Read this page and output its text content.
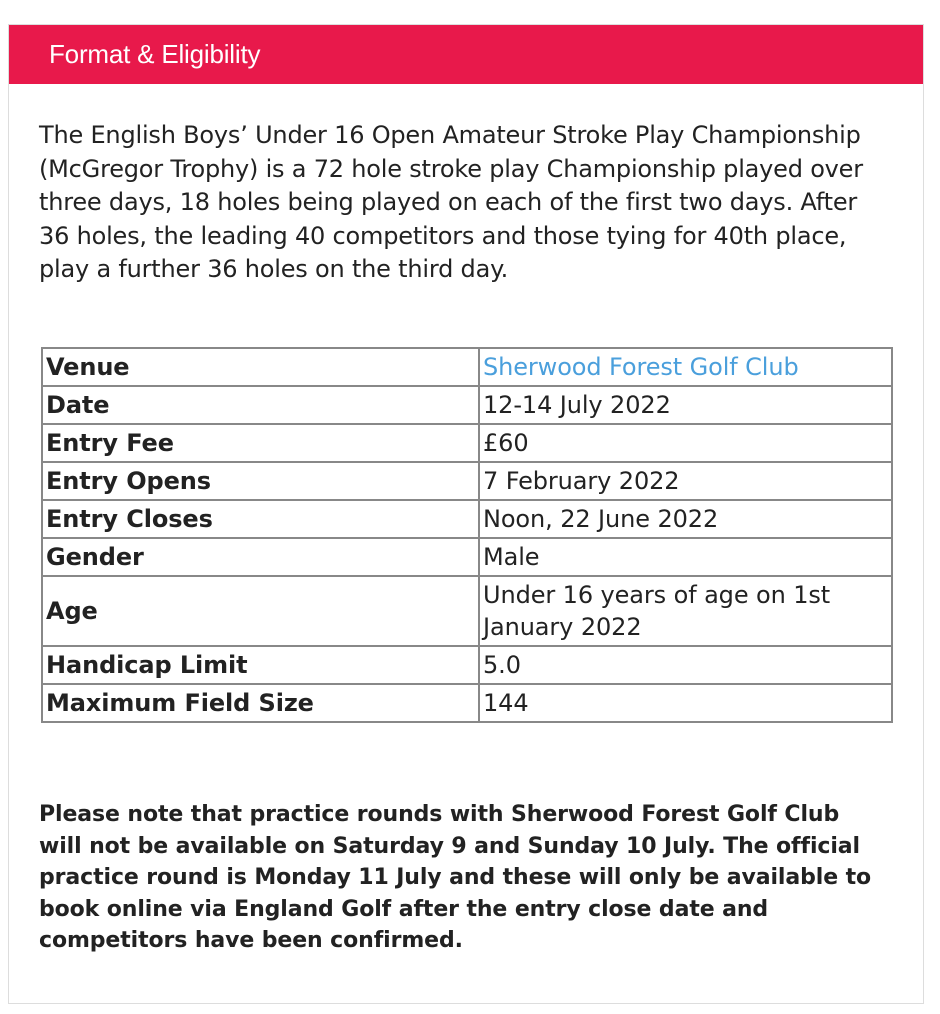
Format & Eligibility

The English Boys’ Under 16 Open Amateur Stroke Play Championship (McGregor Trophy) is a 72 hole stroke play Championship played over three days, 18 holes being played on each of the first two days. After 36 holes, the leading 40 competitors and those tying for 40th place, play a further 36 holes on the third day.

Venue	Sherwood Forest Golf Club
Date	12-14 July 2022
Entry Fee	£60
Entry Opens	7 February 2022
Entry Closes	Noon, 22 June 2022
Gender	Male
Age	Under 16 years of age on 1st January 2022
Handicap Limit	5.0
Maximum Field Size	144

Please note that practice rounds with Sherwood Forest Golf Club will not be available on Saturday 9 and Sunday 10 July. The official practice round is Monday 11 July and these will only be available to book online via England Golf after the entry close date and competitors have been confirmed.
